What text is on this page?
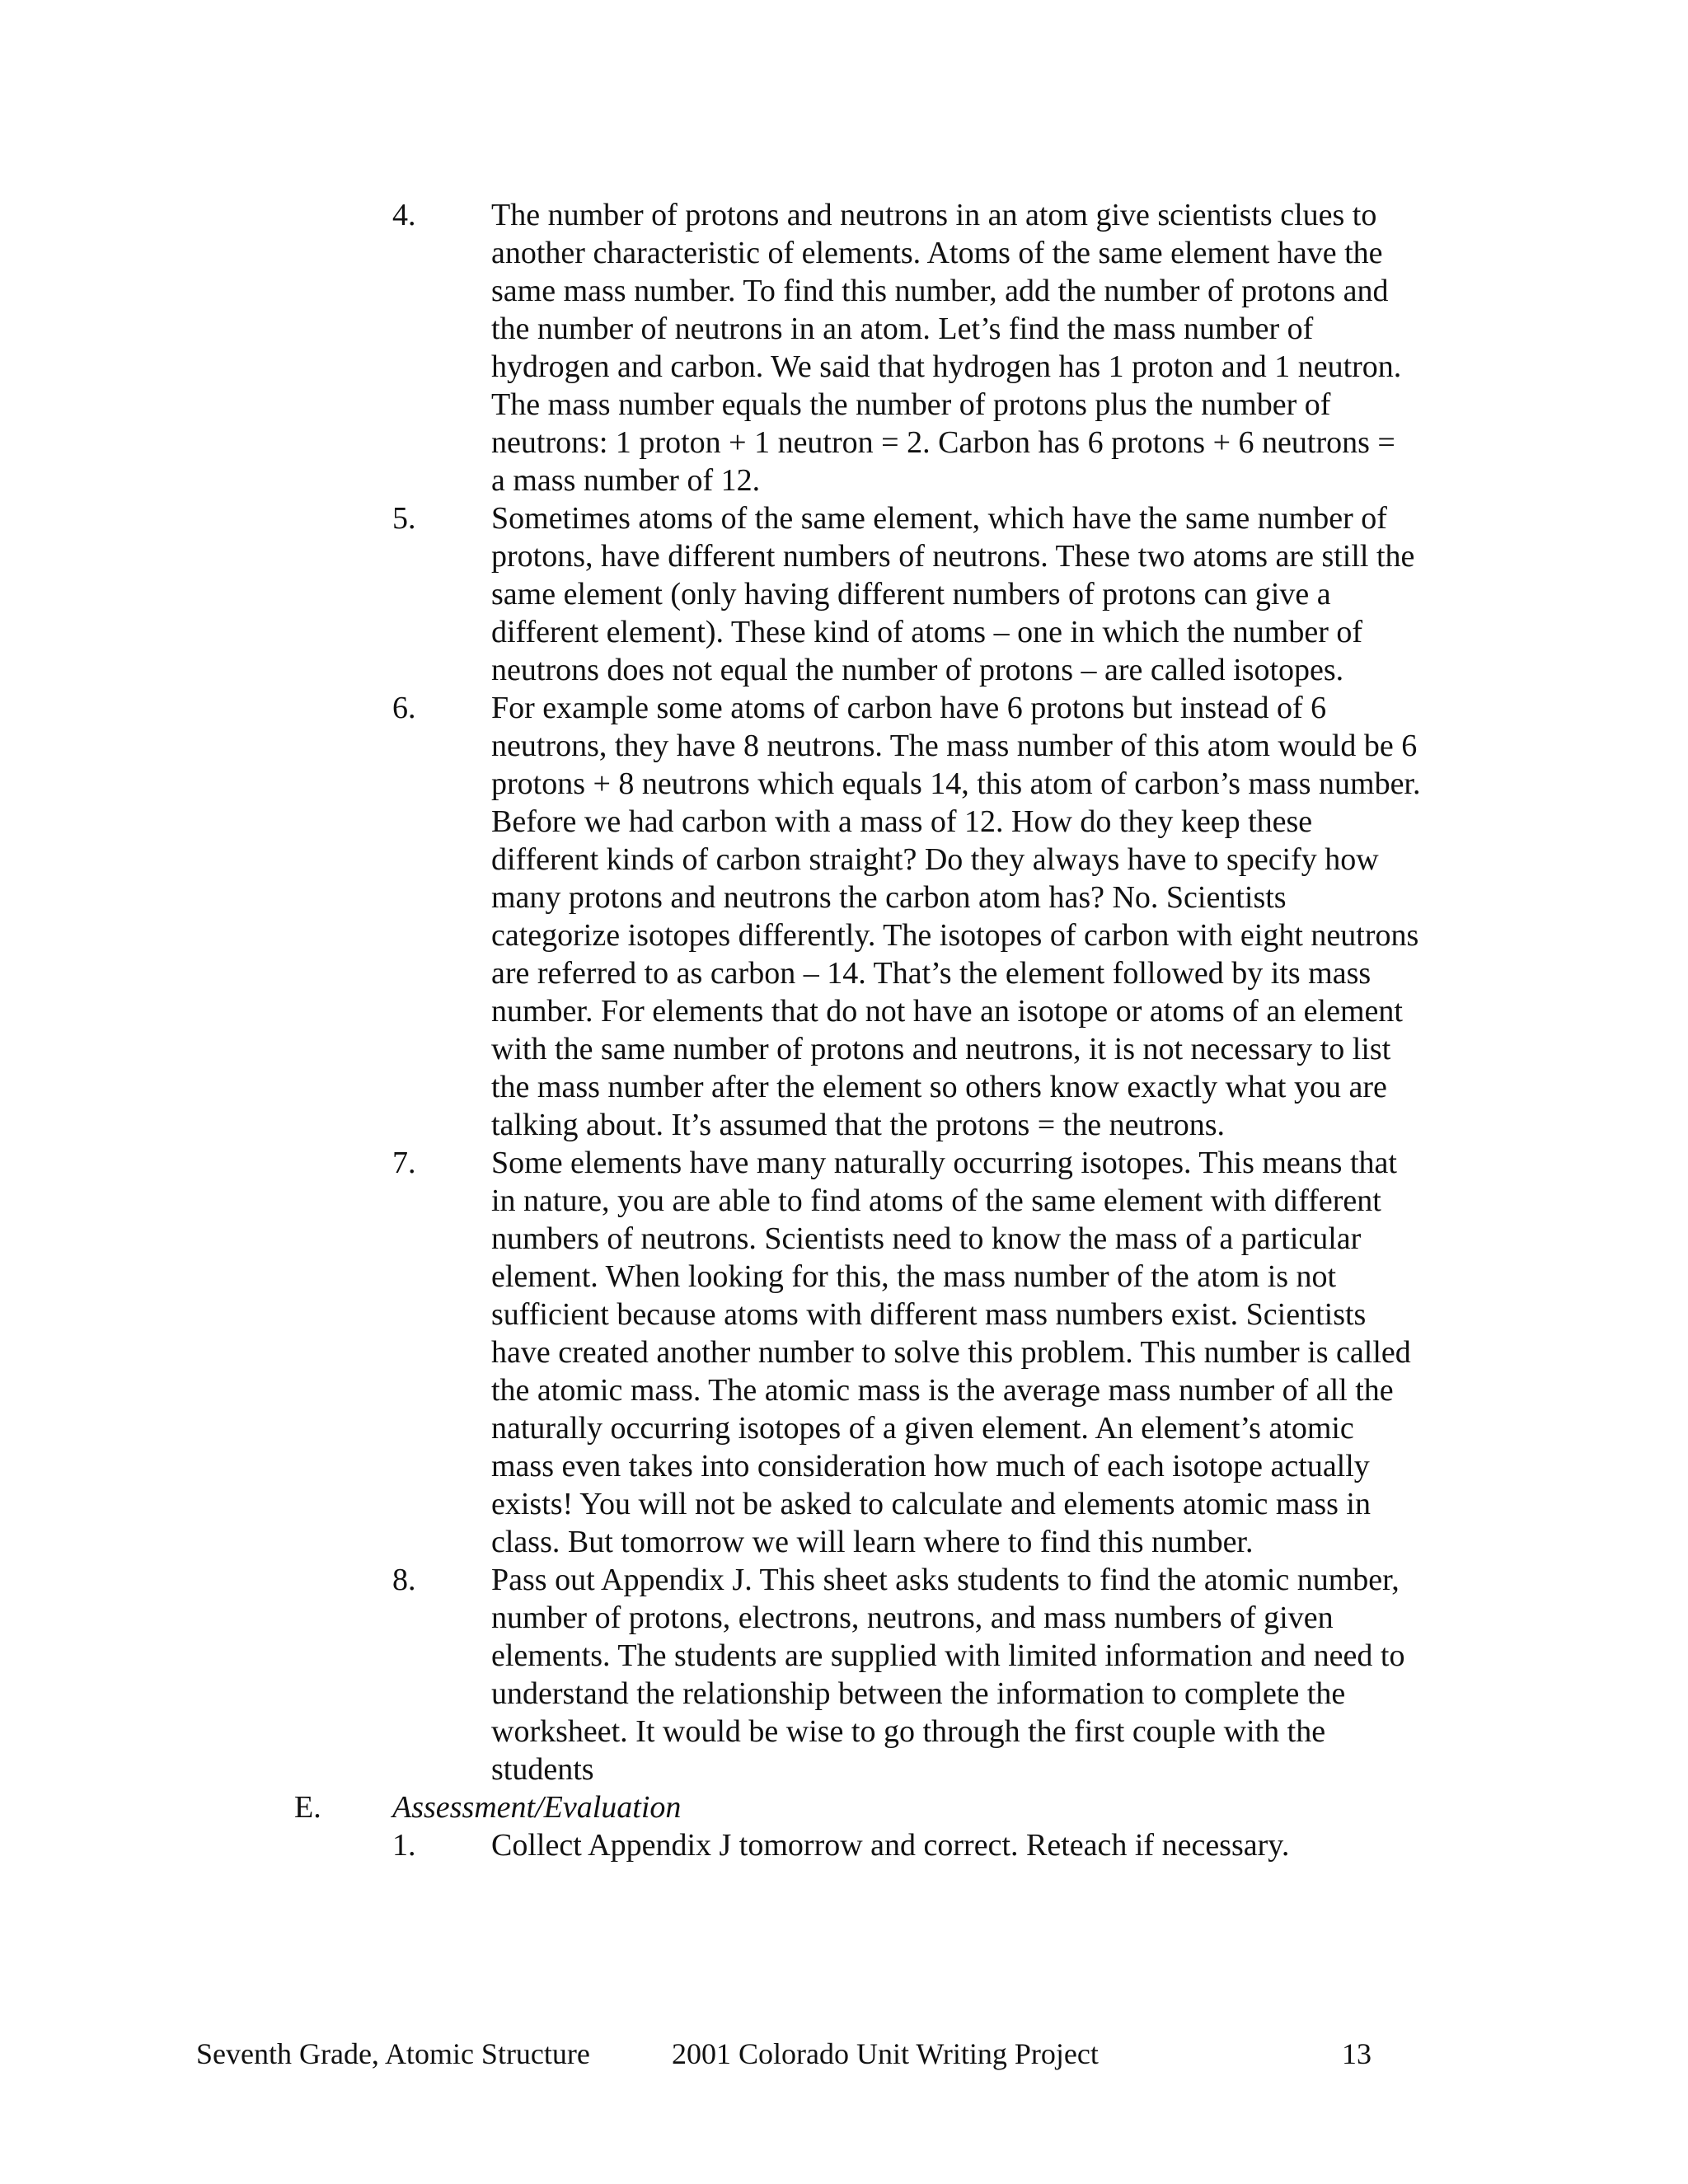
4. The number of protons and neutrons in an atom give scientists clues to
another characteristic of elements. Atoms of the same element have the
same mass number. To find this number, add the number of protons and
the number of neutrons in an atom. Let’s find the mass number of
hydrogen and carbon. We said that hydrogen has 1 proton and 1 neutron.
The mass number equals the number of protons plus the number of
neutrons: 1 proton + 1 neutron = 2. Carbon has 6 protons + 6 neutrons =
a mass number of 12.
5. Sometimes atoms of the same element, which have the same number of
protons, have different numbers of neutrons. These two atoms are still the
same element (only having different numbers of protons can give a
different element). These kind of atoms – one in which the number of
neutrons does not equal the number of protons – are called isotopes.
6. For example some atoms of carbon have 6 protons but instead of 6
neutrons, they have 8 neutrons. The mass number of this atom would be 6
protons + 8 neutrons which equals 14, this atom of carbon’s mass number.
Before we had carbon with a mass of 12. How do they keep these
different kinds of carbon straight? Do they always have to specify how
many protons and neutrons the carbon atom has? No. Scientists
categorize isotopes differently. The isotopes of carbon with eight neutrons
are referred to as carbon – 14. That’s the element followed by its mass
number. For elements that do not have an isotope or atoms of an element
with the same number of protons and neutrons, it is not necessary to list
the mass number after the element so others know exactly what you are
talking about. It’s assumed that the protons = the neutrons.
7. Some elements have many naturally occurring isotopes. This means that
in nature, you are able to find atoms of the same element with different
numbers of neutrons. Scientists need to know the mass of a particular
element. When looking for this, the mass number of the atom is not
sufficient because atoms with different mass numbers exist. Scientists
have created another number to solve this problem. This number is called
the atomic mass. The atomic mass is the average mass number of all the
naturally occurring isotopes of a given element. An element’s atomic
mass even takes into consideration how much of each isotope actually
exists! You will not be asked to calculate and elements atomic mass in
class. But tomorrow we will learn where to find this number.
8. Pass out Appendix J. This sheet asks students to find the atomic number,
number of protons, electrons, neutrons, and mass numbers of given
elements. The students are supplied with limited information and need to
understand the relationship between the information to complete the
worksheet. It would be wise to go through the first couple with the
students
E. Assessment/Evaluation
1. Collect Appendix J tomorrow and correct. Reteach if necessary.
Seventh Grade, Atomic Structure	2001 Colorado Unit Writing Project	13
